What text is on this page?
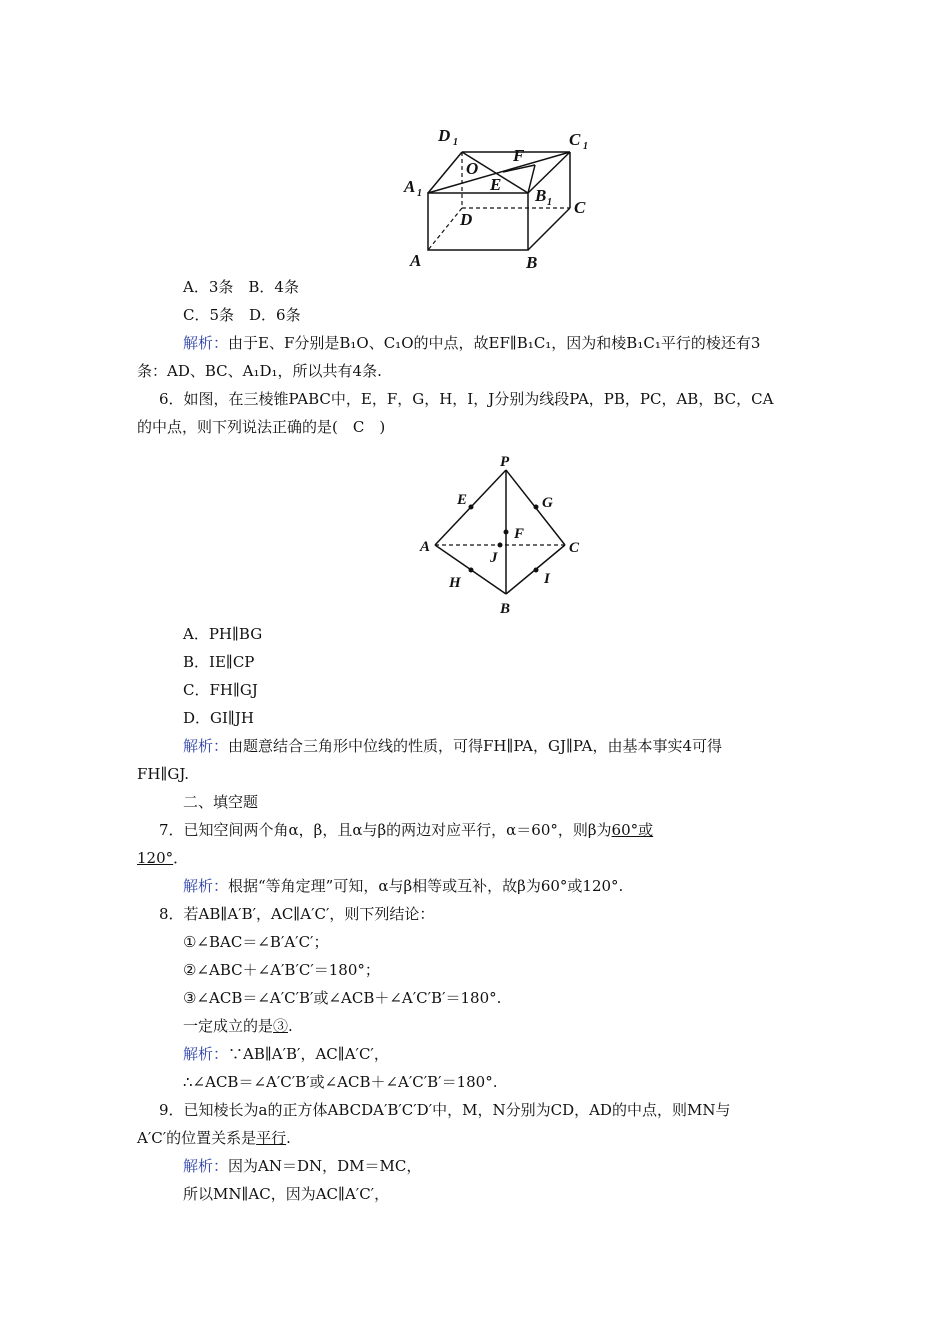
D 1	C 1
O
F
E
A 1	B 1 C
D
A	B
A．3条　B．4条
C．5条　D．6条
解析：由于E、F分别是B₁O、C₁O的中点，故EF∥B₁C₁，因为和棱B₁C₁平行的棱还有3
条：AD、BC、A₁D₁，所以共有4条.
6．如图，在三棱锥PABC中，E，F，G，H，I，J分别为线段PA，PB，PC，AB，BC，CA
的中点，则下列说法正确的是(　C　)
P
E	G
F
A
J
C
H	I
B
A．PH∥BG
B．IE∥CP
C．FH∥GJ
D．GI∥JH
解析：由题意结合三角形中位线的性质，可得FH∥PA，GJ∥PA，由基本事实4可得
FH∥GJ.
二、填空题
7．已知空间两个角α，β，且α与β的两边对应平行，α＝60°，则β为60°或
120°．
解析：根据“等角定理”可知，α与β相等或互补，故β为60°或120°.
8．若AB∥A′B′，AC∥A′C′，则下列结论：
①∠BAC＝∠B′A′C′；
②∠ABC＋∠A′B′C′＝180°；
③∠ACB＝∠A′C′B′或∠ACB＋∠A′C′B′＝180°.
一定成立的是③.
解析：∵AB∥A′B′，AC∥A′C′，
∴∠ACB＝∠A′C′B′或∠ACB＋∠A′C′B′＝180°.
9．已知棱长为a的正方体ABCDA′B′C′D′中，M，N分别为CD，AD的中点，则MN与
A′C′的位置关系是平行.
解析：因为AN＝DN，DM＝MC，
所以MN∥AC，因为AC∥A′C′，
